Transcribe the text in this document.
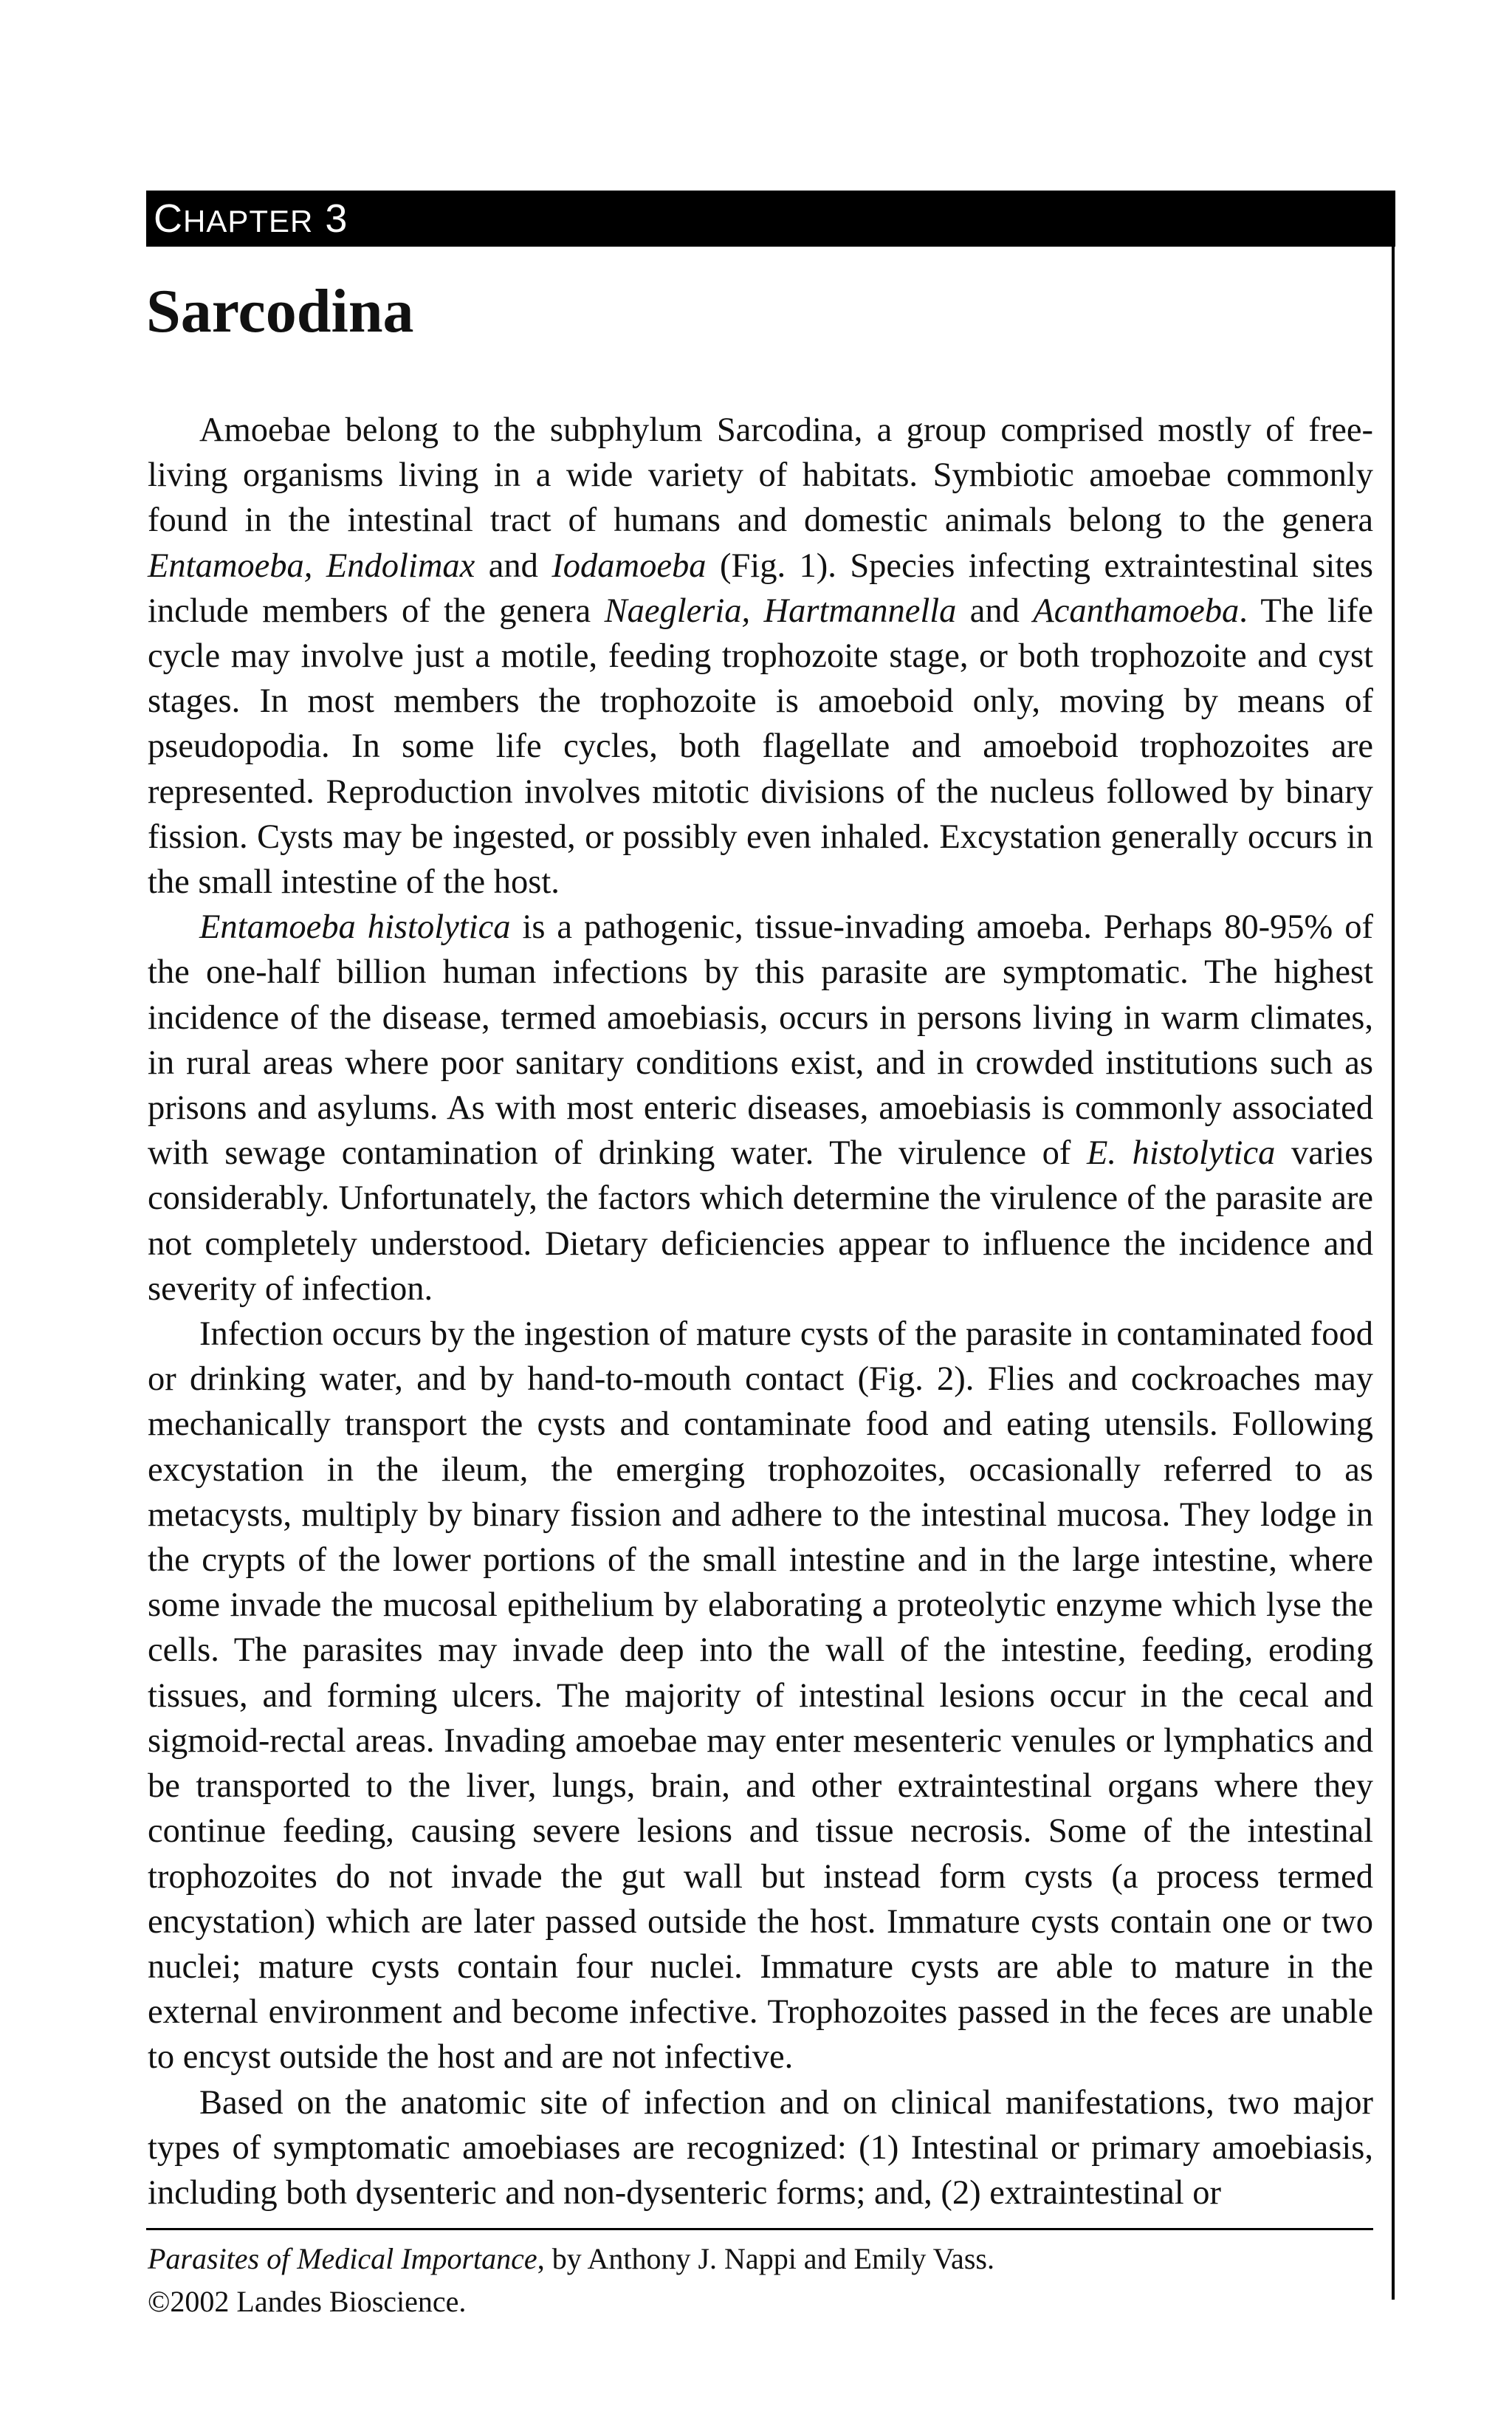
CHAPTER 3
Sarcodina

Amoebae belong to the subphylum Sarcodina, a group comprised mostly of free-living organisms living in a wide variety of habitats. Symbiotic amoebae commonly found in the intestinal tract of humans and domestic animals belong to the genera Entamoeba, Endolimax and Iodamoeba (Fig. 1). Species infecting extraintestinal sites include members of the genera Naegleria, Hartmannella and Acanthamoeba. The life cycle may involve just a motile, feeding trophozoite stage, or both trophozoite and cyst stages. In most members the trophozoite is amoeboid only, moving by means of pseudopodia. In some life cycles, both flagellate and amoeboid trophozoites are represented. Reproduction involves mitotic divisions of the nucleus followed by binary fission. Cysts may be ingested, or possibly even inhaled. Excystation generally occurs in the small intestine of the host.

Entamoeba histolytica is a pathogenic, tissue-invading amoeba. Perhaps 80-95% of the one-half billion human infections by this parasite are symptomatic. The highest incidence of the disease, termed amoebiasis, occurs in persons living in warm climates, in rural areas where poor sanitary conditions exist, and in crowded institutions such as prisons and asylums. As with most enteric diseases, amoebiasis is commonly associated with sewage contamination of drinking water. The virulence of E. histolytica varies considerably. Unfortunately, the factors which determine the virulence of the parasite are not completely understood. Dietary deficiencies appear to influence the incidence and severity of infection.

Infection occurs by the ingestion of mature cysts of the parasite in contaminated food or drinking water, and by hand-to-mouth contact (Fig. 2). Flies and cockroaches may mechanically transport the cysts and contaminate food and eating utensils. Following excystation in the ileum, the emerging trophozoites, occasionally referred to as metacysts, multiply by binary fission and adhere to the intestinal mucosa. They lodge in the crypts of the lower portions of the small intestine and in the large intestine, where some invade the mucosal epithelium by elaborating a proteolytic enzyme which lyse the cells. The parasites may invade deep into the wall of the intestine, feeding, eroding tissues, and forming ulcers. The majority of intestinal lesions occur in the cecal and sigmoid-rectal areas. Invading amoebae may enter mesenteric venules or lymphatics and be transported to the liver, lungs, brain, and other extraintestinal organs where they continue feeding, causing severe lesions and tissue necrosis. Some of the intestinal trophozoites do not invade the gut wall but instead form cysts (a process termed encystation) which are later passed outside the host. Immature cysts contain one or two nuclei; mature cysts contain four nuclei. Immature cysts are able to mature in the external environment and become infective. Trophozoites passed in the feces are unable to encyst outside the host and are not infective.

Based on the anatomic site of infection and on clinical manifestations, two major types of symptomatic amoebiases are recognized: (1) Intestinal or primary amoebiasis, including both dysenteric and non-dysenteric forms; and, (2) extraintestinal or

Parasites of Medical Importance, by Anthony J. Nappi and Emily Vass.
©2002 Landes Bioscience.
